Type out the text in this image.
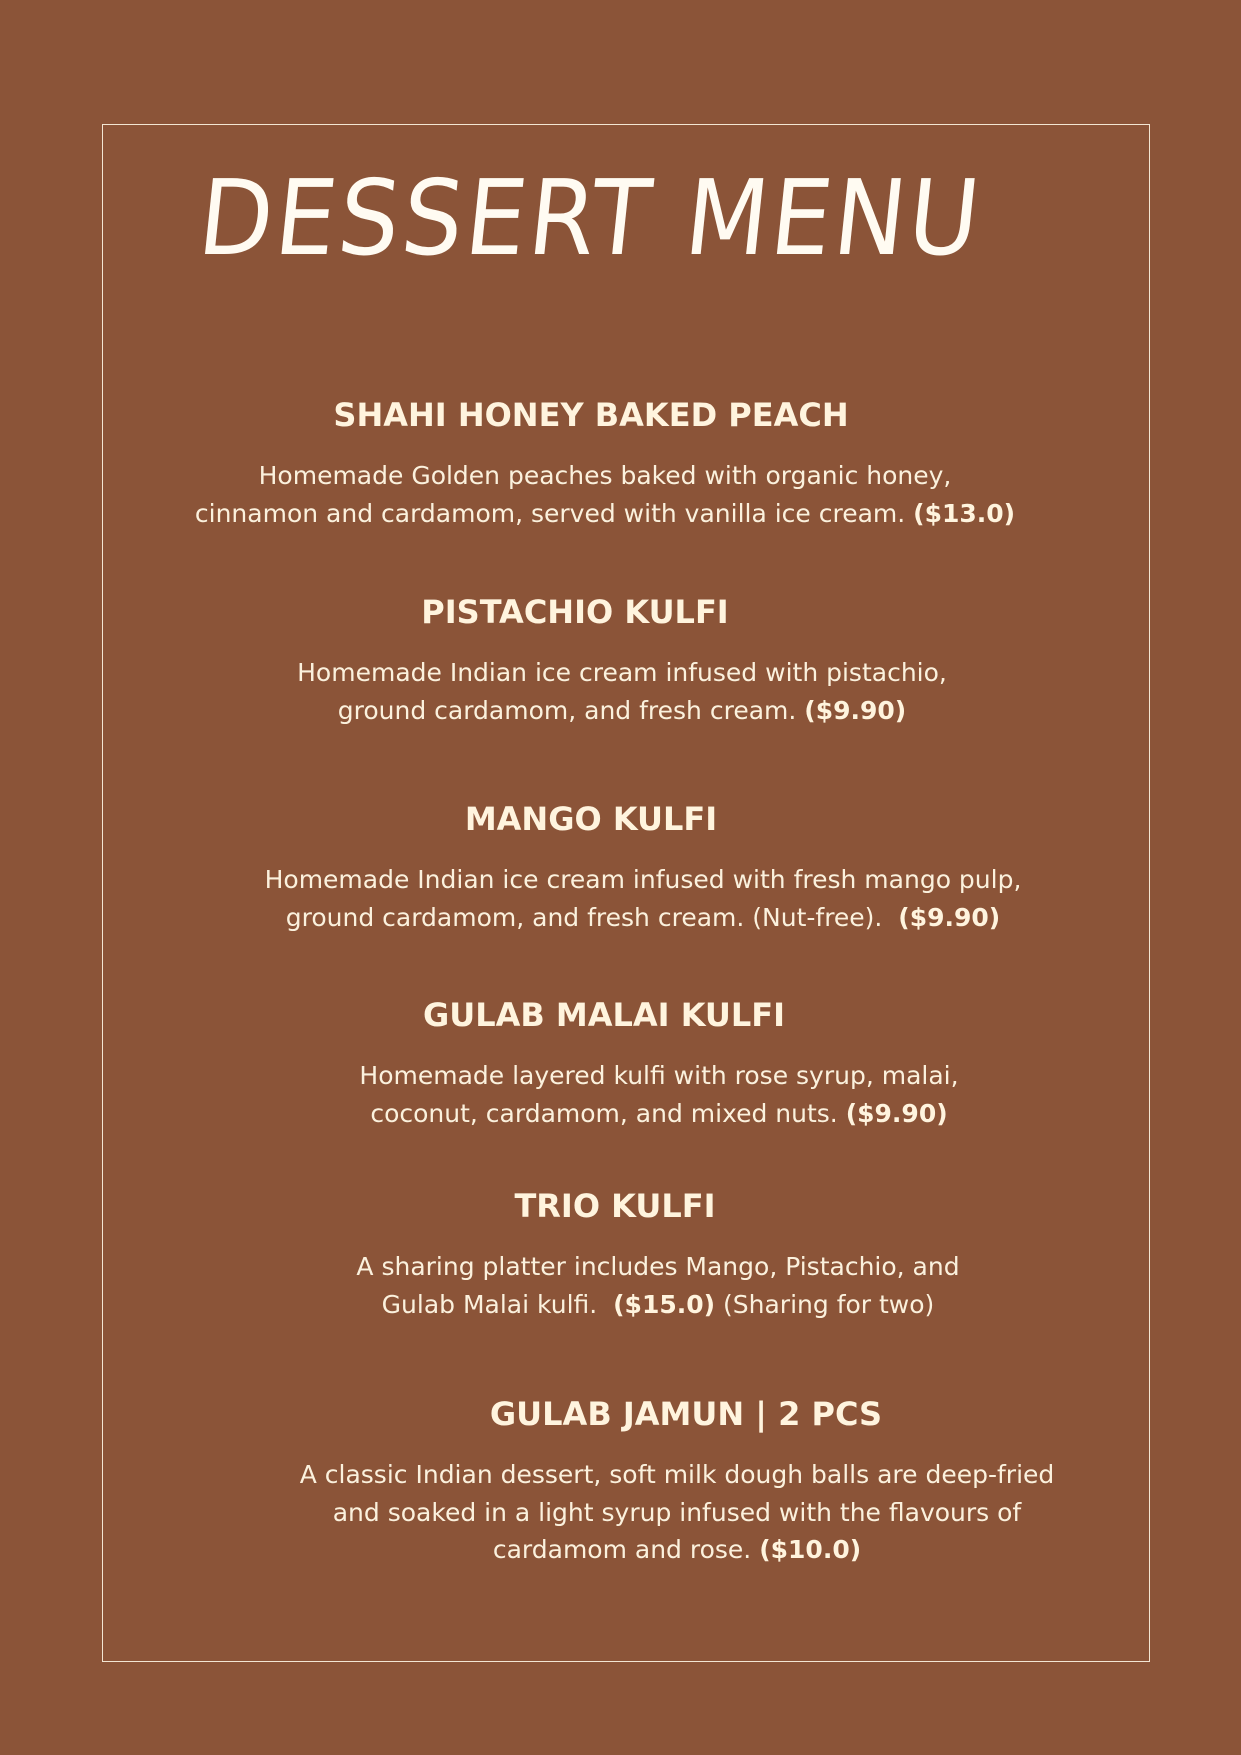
DESSERT MENU
SHAHI HONEY BAKED PEACH
Homemade Golden peaches baked with organic honey,
cinnamon and cardamom, served with vanilla ice cream. ($13.0)
PISTACHIO KULFI
Homemade Indian ice cream infused with pistachio,
ground cardamom, and fresh cream. ($9.90)
MANGO KULFI
Homemade Indian ice cream infused with fresh mango pulp,
ground cardamom, and fresh cream. (Nut-free). ($9.90)
GULAB MALAI KULFI
Homemade layered kulfi with rose syrup, malai,
coconut, cardamom, and mixed nuts. ($9.90)
TRIO KULFI
A sharing platter includes Mango, Pistachio, and
Gulab Malai kulfi. ($15.0) (Sharing for two)
GULAB JAMUN | 2 PCS
A classic Indian dessert, soft milk dough balls are deep-fried
and soaked in a light syrup infused with the flavours of
cardamom and rose. ($10.0)
